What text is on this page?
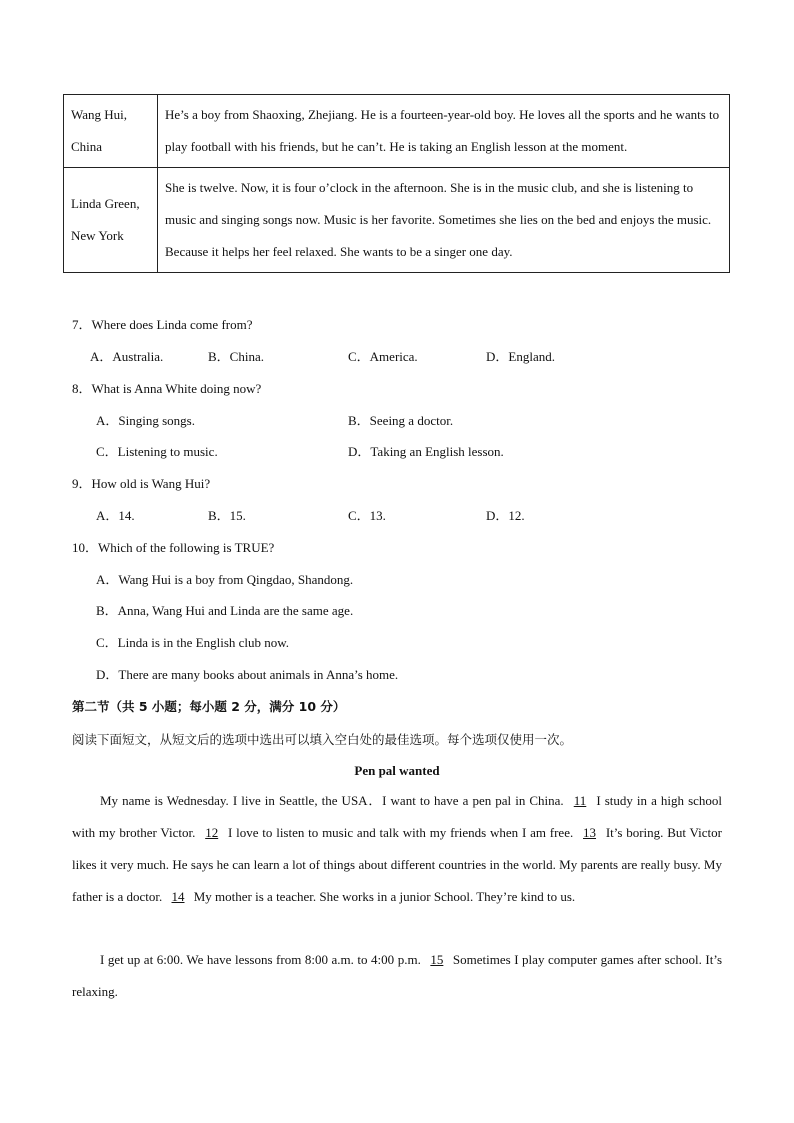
Wang Hui,
China	He’s a boy from Shaoxing, Zhejiang. He is a fourteen-year-old boy. He loves all the sports and he wants to play football with his friends, but he can’t. He is taking an English lesson at the moment.
Linda Green,
New York	She is twelve. Now, it is four o’clock in the afternoon. She is in the music club, and she is listening to music and singing songs now. Music is her favorite. Sometimes she lies on the bed and enjoys the music. Because it helps her feel relaxed. She wants to be a singer one day.
7．Where does Linda come from?
A．Australia.	B．China.	C．America.	D．England.
8．What is Anna White doing now?
A．Singing songs.	B．Seeing a doctor.
C．Listening to music.	D．Taking an English lesson.
9．How old is Wang Hui?
A．14.	B．15.	C．13.	D．12.
10．Which of the following is TRUE?
A．Wang Hui is a boy from Qingdao, Shandong.
B．Anna, Wang Hui and Linda are the same age.
C．Linda is in the English club now.
D．There are many books about animals in Anna’s home.
第二节（共 5 小题；每小题 2 分，满分 10 分）
阅读下面短文，从短文后的选项中选出可以填入空白处的最佳选项。每个选项仅使用一次。
Pen pal wanted
My name is Wednesday. I live in Seattle, the USA．I want to have a pen pal in China. 11 I study in a high school with my brother Victor. 12 I love to listen to music and talk with my friends when I am free. 13 It’s boring. But Victor likes it very much. He says he can learn a lot of things about different countries in the world. My parents are really busy. My father is a doctor. 14 My mother is a teacher. She works in a junior School. They’re kind to us.
I get up at 6:00. We have lessons from 8:00 a.m. to 4:00 p.m. 15 Sometimes I play computer games after school. It’s relaxing.
